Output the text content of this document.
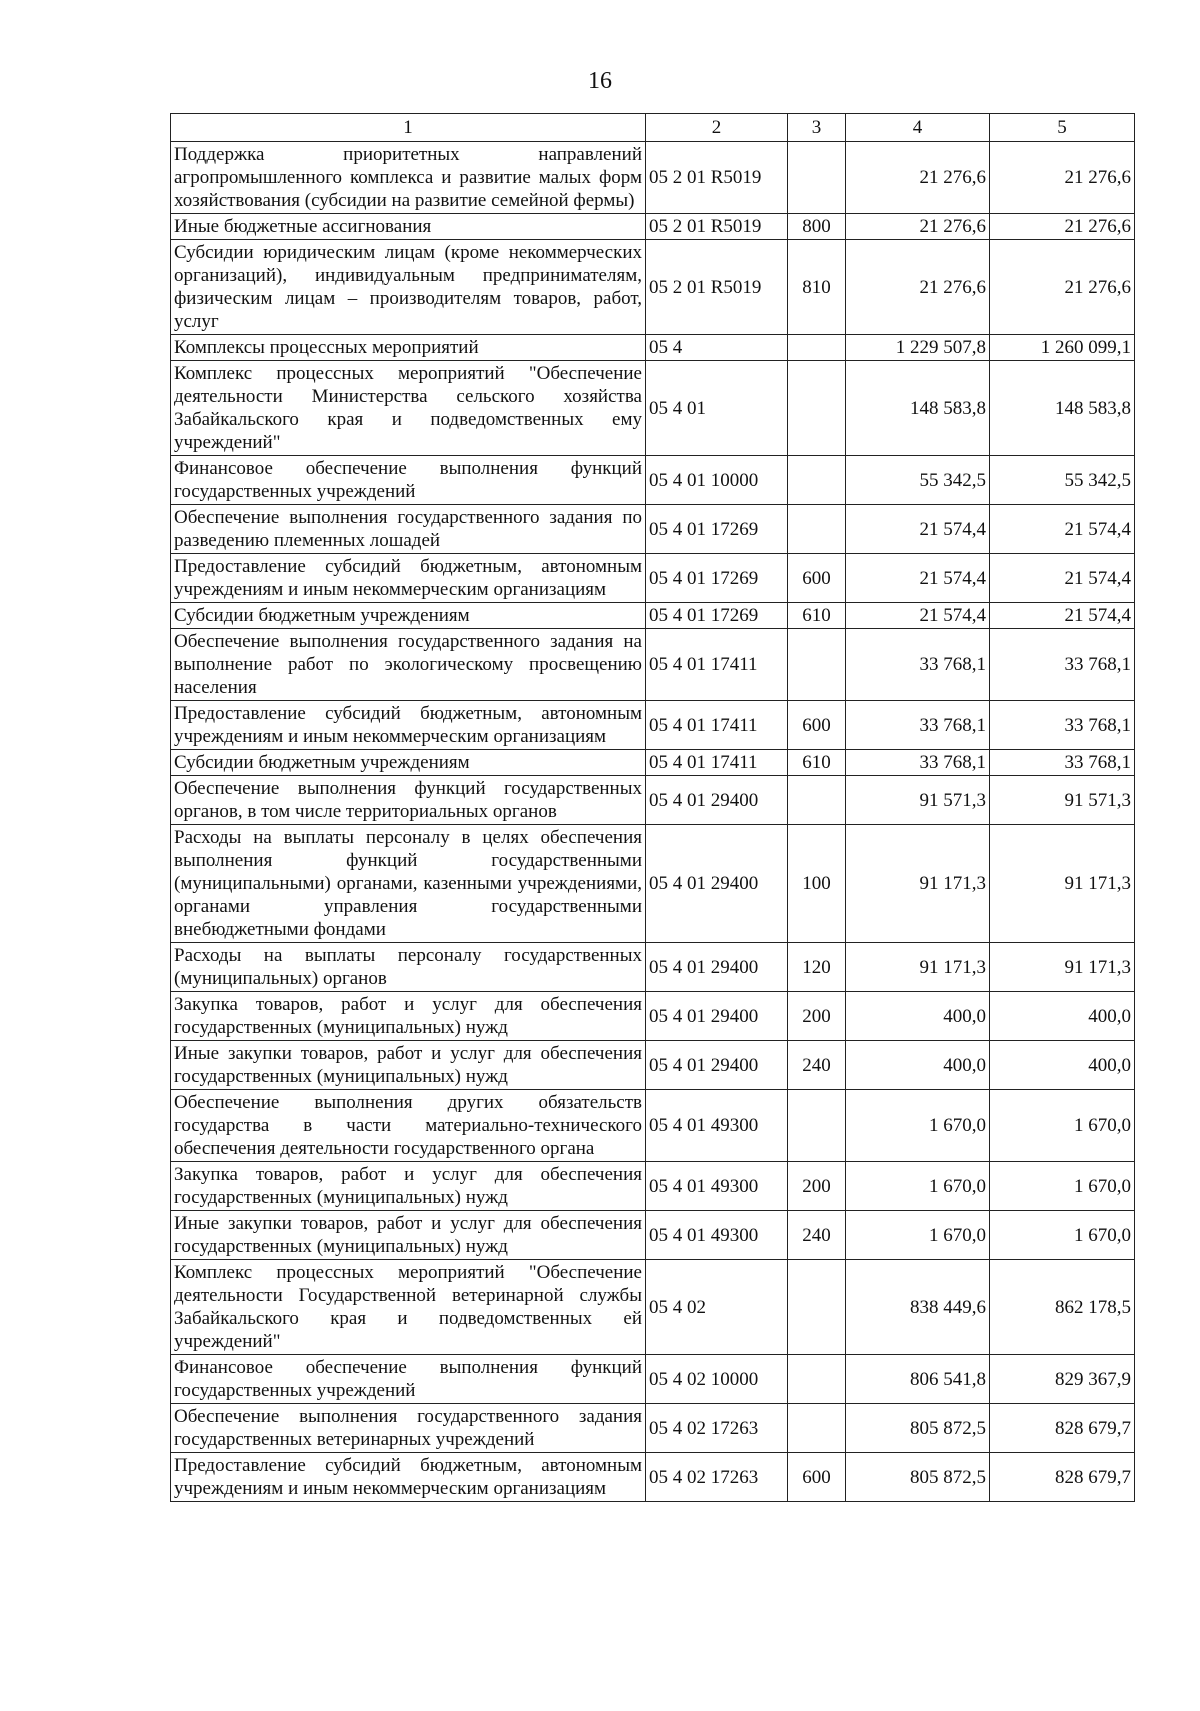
16
1	2	3	4	5
Поддержка приоритетных направлений агропромышленного комплекса и развитие малых форм хозяйствования (субсидии на развитие семейной фермы)	05 2 01 R5019		21 276,6	21 276,6
Иные бюджетные ассигнования	05 2 01 R5019	800	21 276,6	21 276,6
Субсидии юридическим лицам (кроме некоммерческих организаций), индивидуальным предпринимателям, физическим лицам – производителям товаров, работ, услуг	05 2 01 R5019	810	21 276,6	21 276,6
Комплексы процессных мероприятий	05 4		1 229 507,8	1 260 099,1
Комплекс процессных мероприятий "Обеспечение деятельности Министерства сельского хозяйства Забайкальского края и подведомственных ему учреждений"	05 4 01		148 583,8	148 583,8
Финансовое обеспечение выполнения функций государственных учреждений	05 4 01 10000		55 342,5	55 342,5
Обеспечение выполнения государственного задания по разведению племенных лошадей	05 4 01 17269		21 574,4	21 574,4
Предоставление субсидий бюджетным, автономным учреждениям и иным некоммерческим организациям	05 4 01 17269	600	21 574,4	21 574,4
Субсидии бюджетным учреждениям	05 4 01 17269	610	21 574,4	21 574,4
Обеспечение выполнения государственного задания на выполнение работ по экологическому просвещению населения	05 4 01 17411		33 768,1	33 768,1
Предоставление субсидий бюджетным, автономным учреждениям и иным некоммерческим организациям	05 4 01 17411	600	33 768,1	33 768,1
Субсидии бюджетным учреждениям	05 4 01 17411	610	33 768,1	33 768,1
Обеспечение выполнения функций государственных органов, в том числе территориальных органов	05 4 01 29400		91 571,3	91 571,3
Расходы на выплаты персоналу в целях обеспечения выполнения функций государственными (муниципальными) органами, казенными учреждениями, органами управления государственными внебюджетными фондами	05 4 01 29400	100	91 171,3	91 171,3
Расходы на выплаты персоналу государственных (муниципальных) органов	05 4 01 29400	120	91 171,3	91 171,3
Закупка товаров, работ и услуг для обеспечения государственных (муниципальных) нужд	05 4 01 29400	200	400,0	400,0
Иные закупки товаров, работ и услуг для обеспечения государственных (муниципальных) нужд	05 4 01 29400	240	400,0	400,0
Обеспечение выполнения других обязательств государства в части материально-технического обеспечения деятельности государственного органа	05 4 01 49300		1 670,0	1 670,0
Закупка товаров, работ и услуг для обеспечения государственных (муниципальных) нужд	05 4 01 49300	200	1 670,0	1 670,0
Иные закупки товаров, работ и услуг для обеспечения государственных (муниципальных) нужд	05 4 01 49300	240	1 670,0	1 670,0
Комплекс процессных мероприятий "Обеспечение деятельности Государственной ветеринарной службы Забайкальского края и подведомственных ей учреждений"	05 4 02		838 449,6	862 178,5
Финансовое обеспечение выполнения функций государственных учреждений	05 4 02 10000		806 541,8	829 367,9
Обеспечение выполнения государственного задания государственных ветеринарных учреждений	05 4 02 17263		805 872,5	828 679,7
Предоставление субсидий бюджетным, автономным учреждениям и иным некоммерческим организациям	05 4 02 17263	600	805 872,5	828 679,7
